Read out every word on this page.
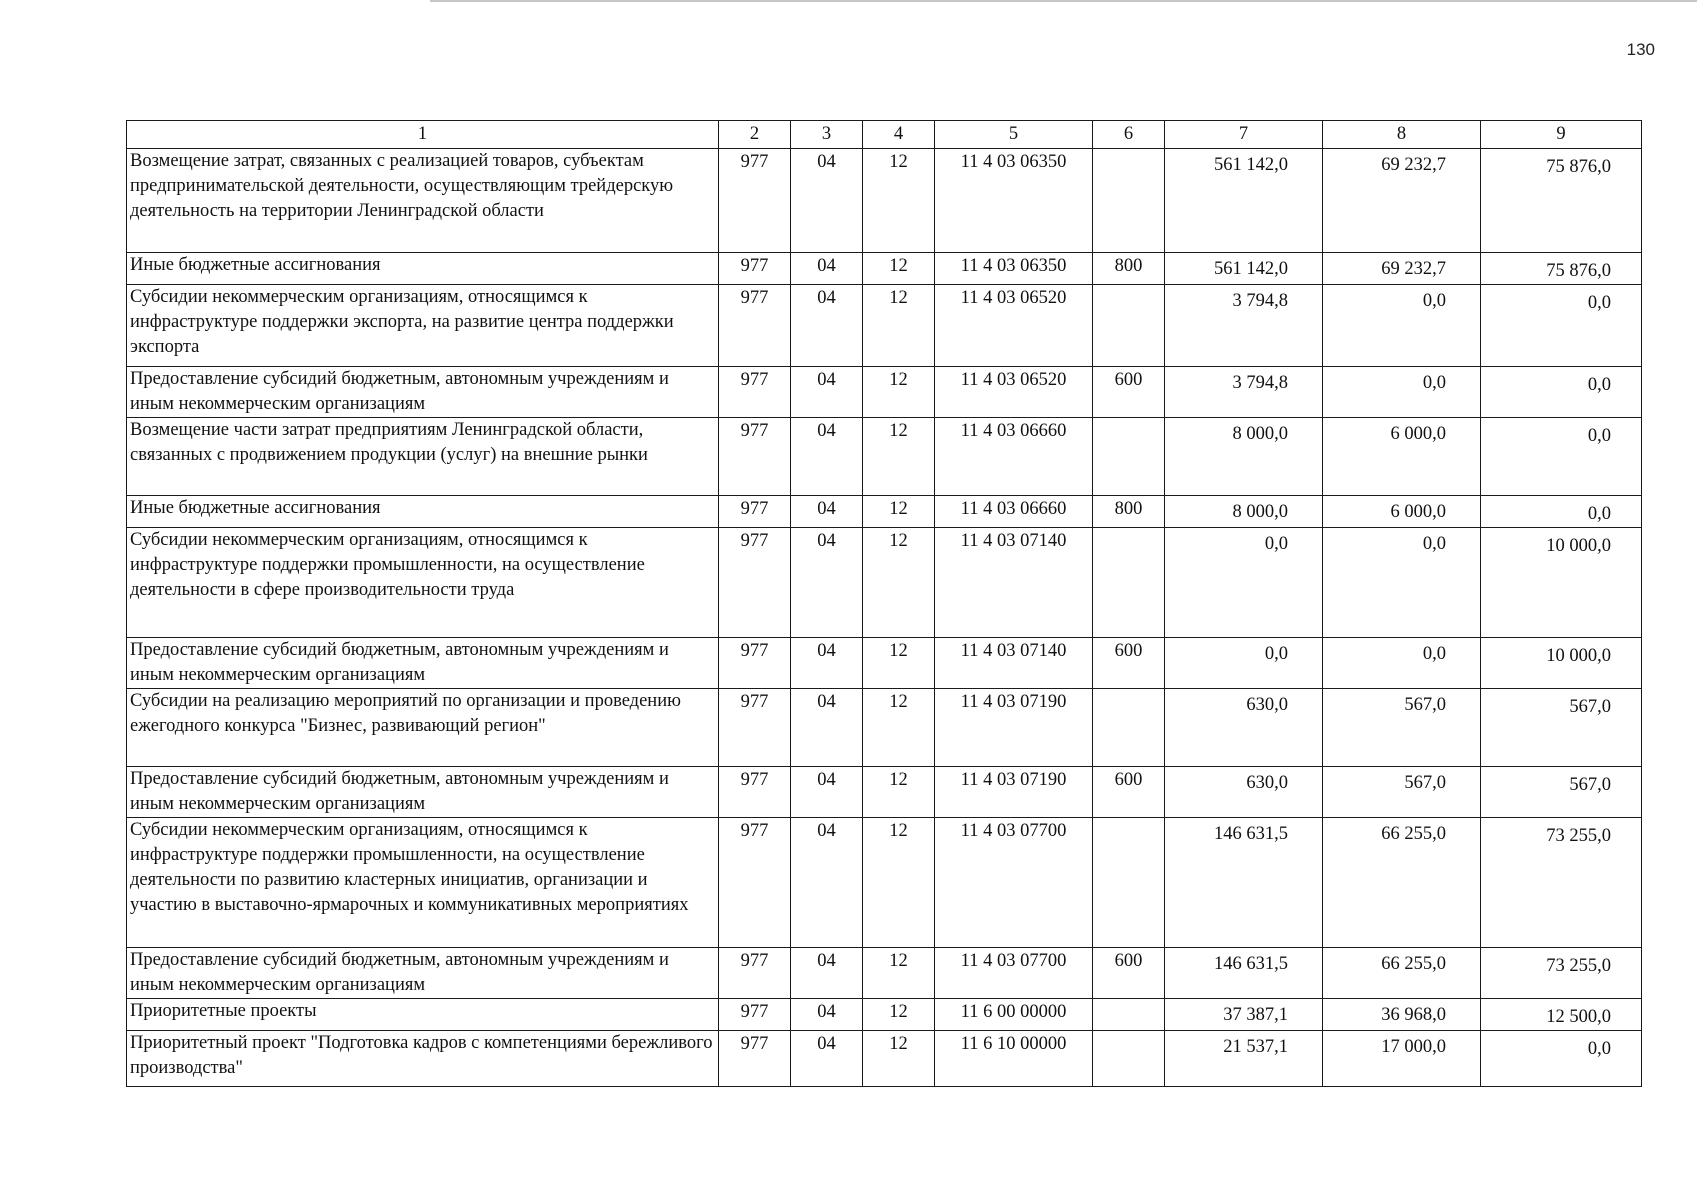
130
1	2	3	4	5	6	7	8	9
Возмещение затрат, связанных с реализацией товаров, субъектам предпринимательской деятельности, осуществляющим трейдерскую деятельность на территории Ленинградской области	977	04	12	11 4 03 06350		561 142,0	69 232,7	75 876,0
Иные бюджетные ассигнования	977	04	12	11 4 03 06350	800	561 142,0	69 232,7	75 876,0
Субсидии некоммерческим организациям, относящимся к инфраструктуре поддержки экспорта, на развитие центра поддержки экспорта	977	04	12	11 4 03 06520		3 794,8	0,0	0,0
Предоставление субсидий бюджетным, автономным учреждениям и иным некоммерческим организациям	977	04	12	11 4 03 06520	600	3 794,8	0,0	0,0
Возмещение части затрат предприятиям Ленинградской области, связанных с продвижением продукции (услуг) на внешние рынки	977	04	12	11 4 03 06660		8 000,0	6 000,0	0,0
Иные бюджетные ассигнования	977	04	12	11 4 03 06660	800	8 000,0	6 000,0	0,0
Субсидии некоммерческим организациям, относящимся к инфраструктуре поддержки промышленности, на осуществление деятельности в сфере производительности труда	977	04	12	11 4 03 07140		0,0	0,0	10 000,0
Предоставление субсидий бюджетным, автономным учреждениям и иным некоммерческим организациям	977	04	12	11 4 03 07140	600	0,0	0,0	10 000,0
Субсидии на реализацию мероприятий по организации и проведению ежегодного конкурса "Бизнес, развивающий регион"	977	04	12	11 4 03 07190		630,0	567,0	567,0
Предоставление субсидий бюджетным, автономным учреждениям и иным некоммерческим организациям	977	04	12	11 4 03 07190	600	630,0	567,0	567,0
Субсидии некоммерческим организациям, относящимся к инфраструктуре поддержки промышленности, на осуществление деятельности по развитию кластерных инициатив, организации и участию в выставочно-ярмарочных и коммуникативных мероприятиях	977	04	12	11 4 03 07700		146 631,5	66 255,0	73 255,0
Предоставление субсидий бюджетным, автономным учреждениям и иным некоммерческим организациям	977	04	12	11 4 03 07700	600	146 631,5	66 255,0	73 255,0
Приоритетные проекты	977	04	12	11 6 00 00000		37 387,1	36 968,0	12 500,0
Приоритетный проект "Подготовка кадров с компетенциями бережливого производства"	977	04	12	11 6 10 00000		21 537,1	17 000,0	0,0
